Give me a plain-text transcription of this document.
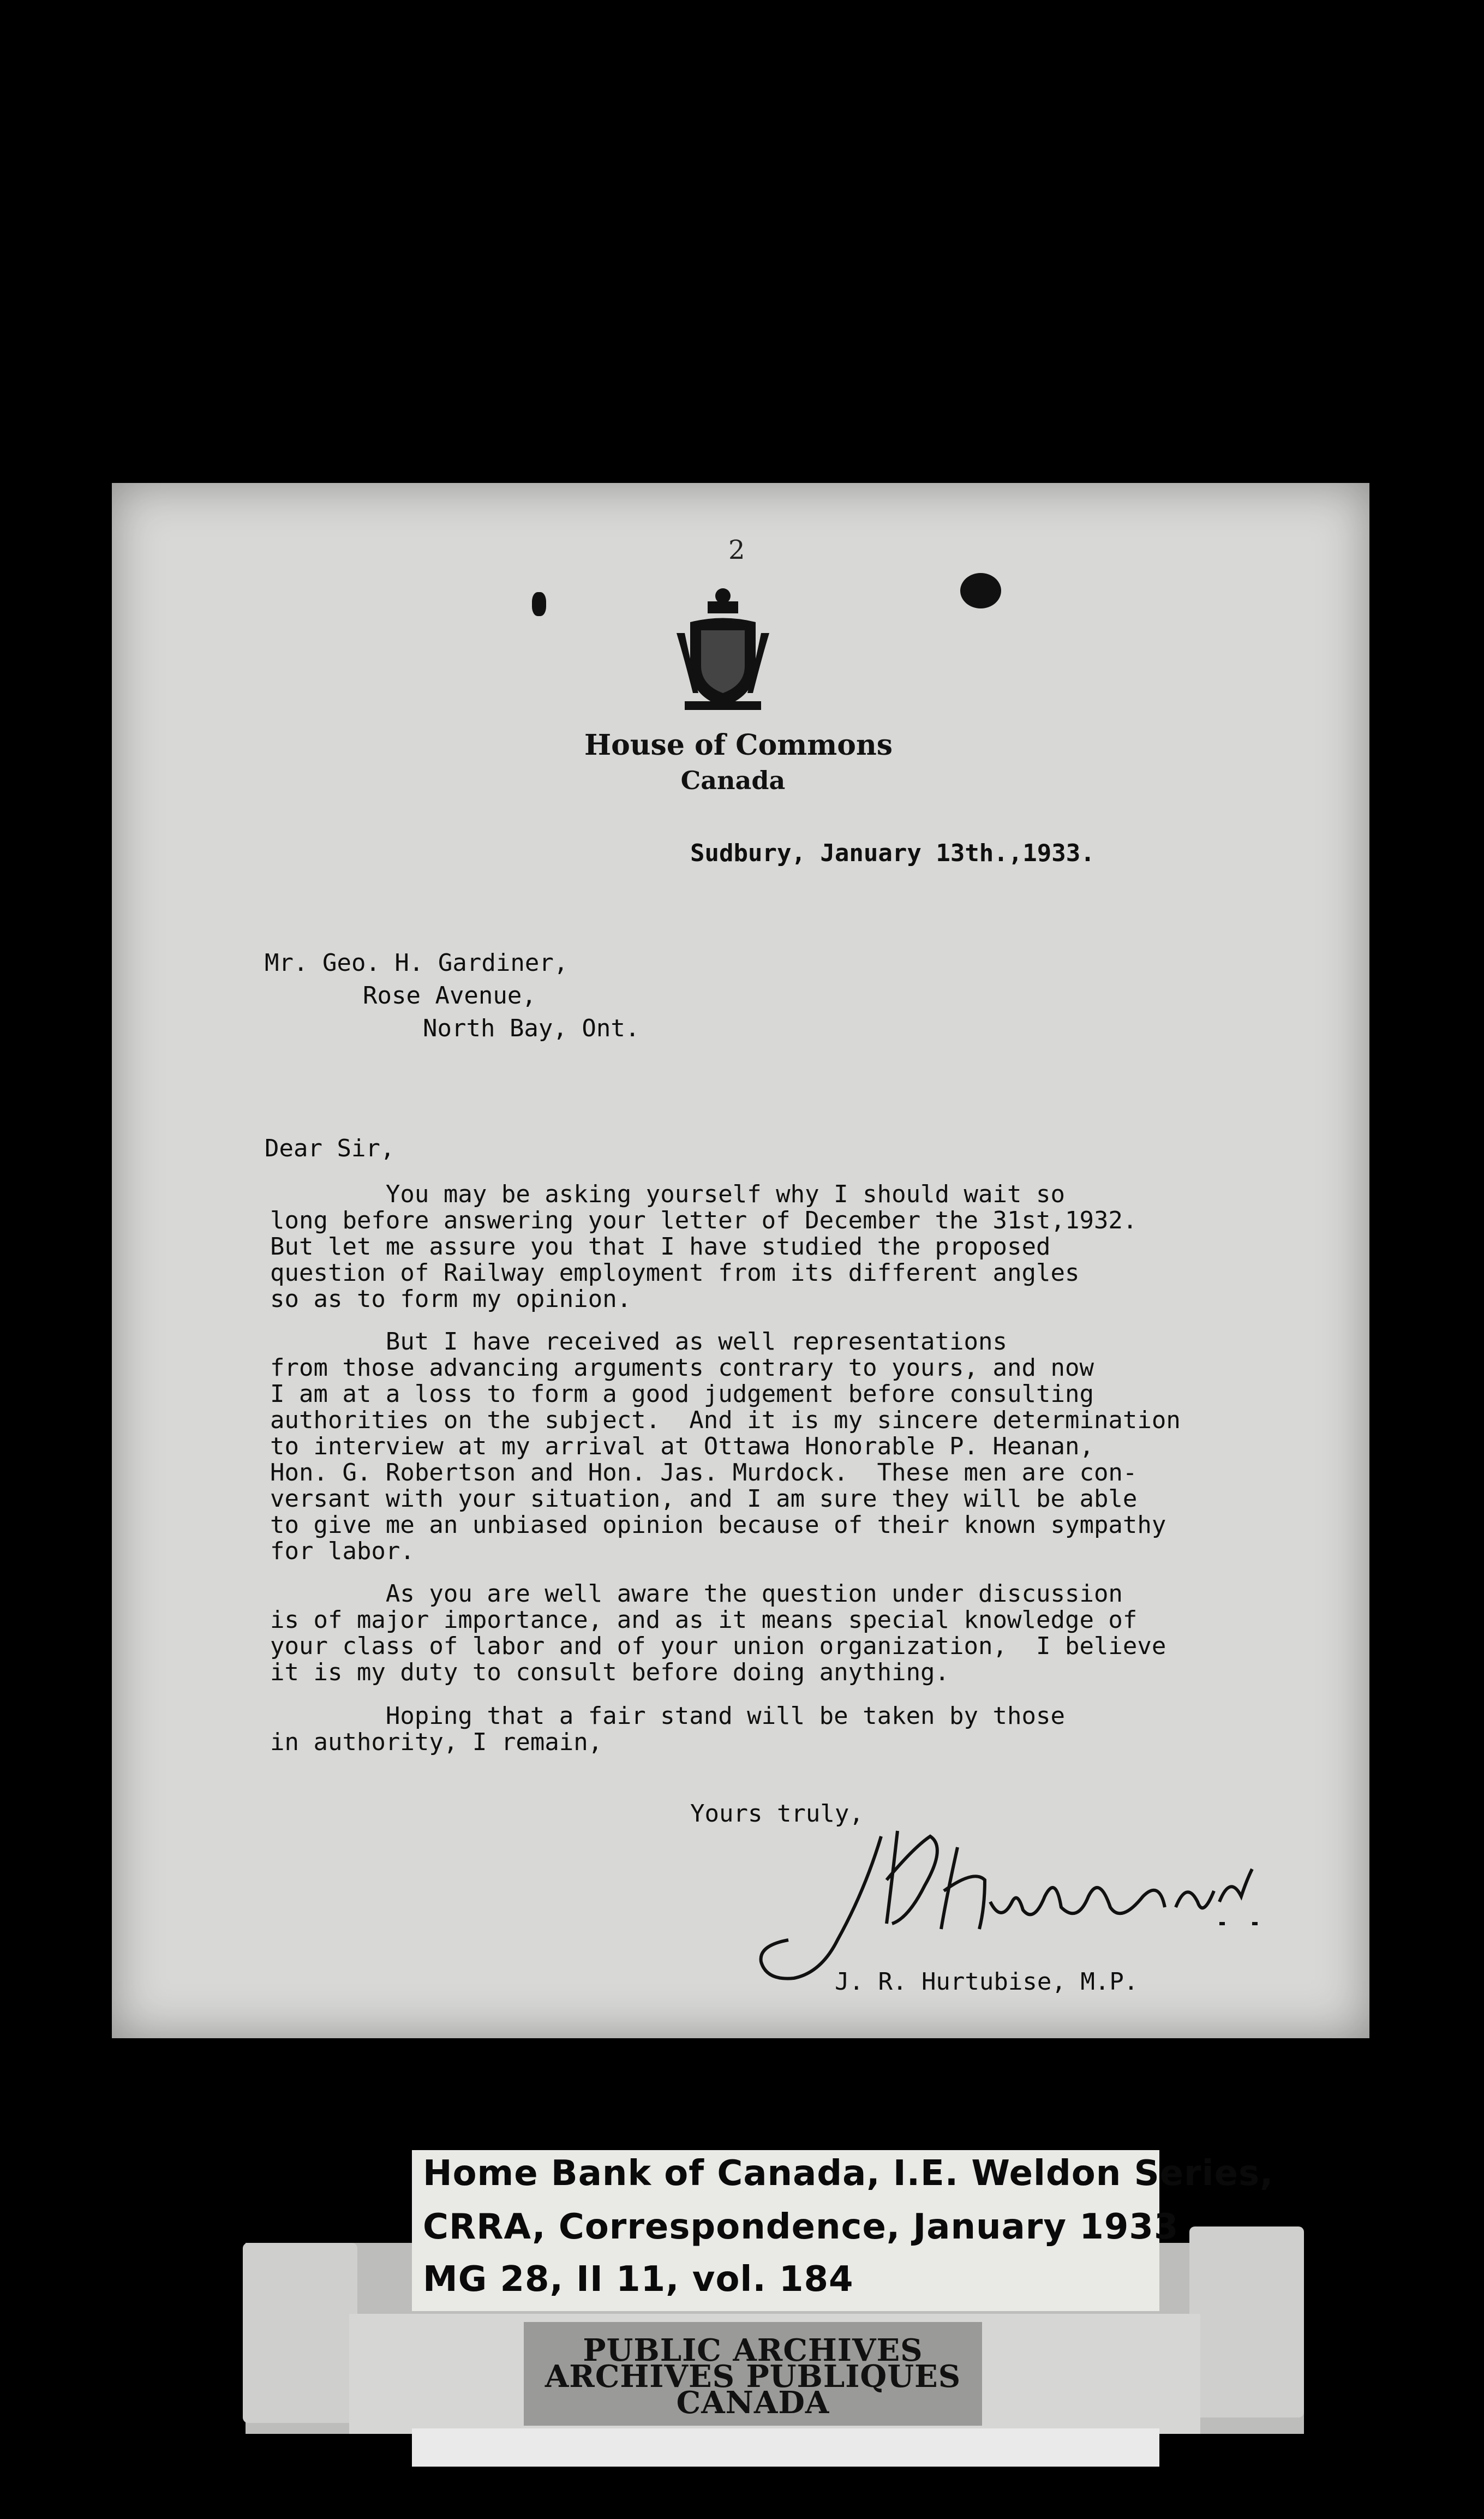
2
House of Commons
Canada
Sudbury, January 13th.,1933.
Mr. Geo. H. Gardiner,
Rose Avenue,
North Bay, Ont.
Dear Sir,
You may be asking yourself why I should wait so
long before answering your letter of December the 31st,1932.
But let me assure you that I have studied the proposed
question of Railway employment from its different angles
so as to form my opinion.
But I have received as well representations
from those advancing arguments contrary to yours, and now
I am at a loss to form a good judgement before consulting
authorities on the subject.  And it is my sincere determination
to interview at my arrival at Ottawa Honorable P. Heanan,
Hon. G. Robertson and Hon. Jas. Murdock.  These men are con-
versant with your situation, and I am sure they will be able
to give me an unbiased opinion because of their known sympathy
for labor.
As you are well aware the question under discussion
is of major importance, and as it means special knowledge of
your class of labor and of your union organization,  I believe
it is my duty to consult before doing anything.
Hoping that a fair stand will be taken by those
in authority, I remain,
Yours truly,
J. R. Hurtubise, M.P.
Home Bank of Canada, I.E. Weldon Series,
CRRA, Correspondence, January 1933
MG 28, II 11, vol. 184
PUBLIC ARCHIVES
ARCHIVES PUBLIQUES
CANADA
